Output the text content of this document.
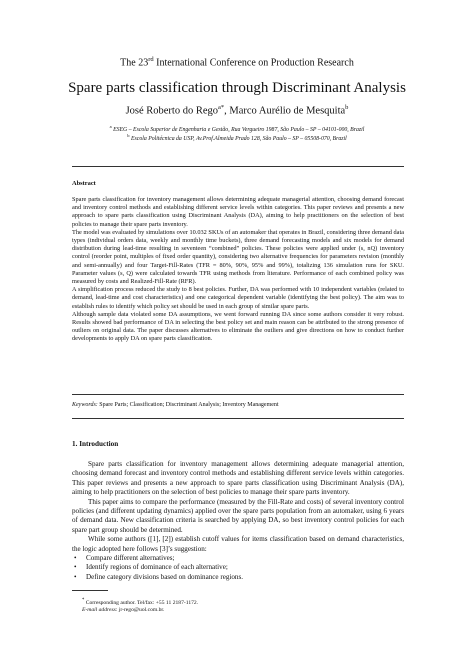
The 23rd International Conference on Production Research
Spare parts classification through Discriminant Analysis
José Roberto do Rego$^{a*}$, Marco Aurélio de Mesquita$^b$
$^a$ ESEG – Escola Superior de Engenharia e Gestão, Rua Vergueiro 1987, São Paulo – SP – 04101-000, Brazil
$^b$ Escola Politécnica da USP, Av.Prof.Almeida Prado 128, São Paulo – SP – 05508-070, Brazil
Abstract

Spare parts classification for inventory management allows determining adequate managerial attention, choosing demand forecast and inventory control methods and establishing different service levels within categories. This paper reviews and presents a new approach to spare parts classification using Discriminant Analysis (DA), aiming to help practitioners on the selection of best policies to manage their spare parts inventory.

The model was evaluated by simulations over 10.032 SKUs of an automaker that operates in Brazil, considering three demand data types (individual orders data, weekly and monthly time buckets), three demand forecasting models and six models for demand distribution during lead-time resulting in seventeen “combined” policies. These policies were applied under (s, nQ) inventory control (reorder point, multiples of fixed order quantity), considering two alternative frequencies for parameters revision (monthly and semi-annually) and four Target-Fill-Rates (TFR = 80%, 90%, 95% and 99%), totalizing 136 simulation runs for SKU. Parameter values (s, Q) were calculated towards TFR using methods from literature. Performance of each combined policy was measured by costs and Realized-Fill-Rate (RFR).

A simplification process reduced the study to 8 best policies. Further, DA was performed with 10 independent variables (related to demand, lead-time and cost characteristics) and one categorical dependent variable (identifying the best policy). The aim was to establish rules to identify which policy set should be used in each group of similar spare parts.

Although sample data violated some DA assumptions, we went forward running DA since some authors consider it very robust. Results showed bad performance of DA in selecting the best policy set and main reason can be attributed to the strong presence of outliers on original data. The paper discusses alternatives to eliminate the outliers and give directions on how to conduct further developments to apply DA on spare parts classification.

Keywords: Spare Parts; Classification; Discriminant Analysis; Inventory Management
1. Introduction

Spare parts classification for inventory management allows determining adequate managerial attention, choosing demand forecast and inventory control methods and establishing different service levels within categories. This paper reviews and presents a new approach to spare parts classification using Discriminant Analysis (DA), aiming to help practitioners on the selection of best policies to manage their spare parts inventory.

This paper aims to compare the performance (measured by the Fill-Rate and costs) of several inventory control policies (and different updating dynamics) applied over the spare parts population from an automaker, using 6 years of demand data. New classification criteria is searched by applying DA, so best inventory control policies for each spare part group should be determined.

While some authors ([1], [2]) establish cutoff values for items classification based on demand characteristics, the logic adopted here follows [3]’s suggestion:

• Compare different alternatives;
• Identify regions of dominance of each alternative;
• Define category divisions based on dominance regions.
* Corresponding author. Tel/fax: +55 11 2187-1172.
E-mail address: jr-rego@uol.com.br.
